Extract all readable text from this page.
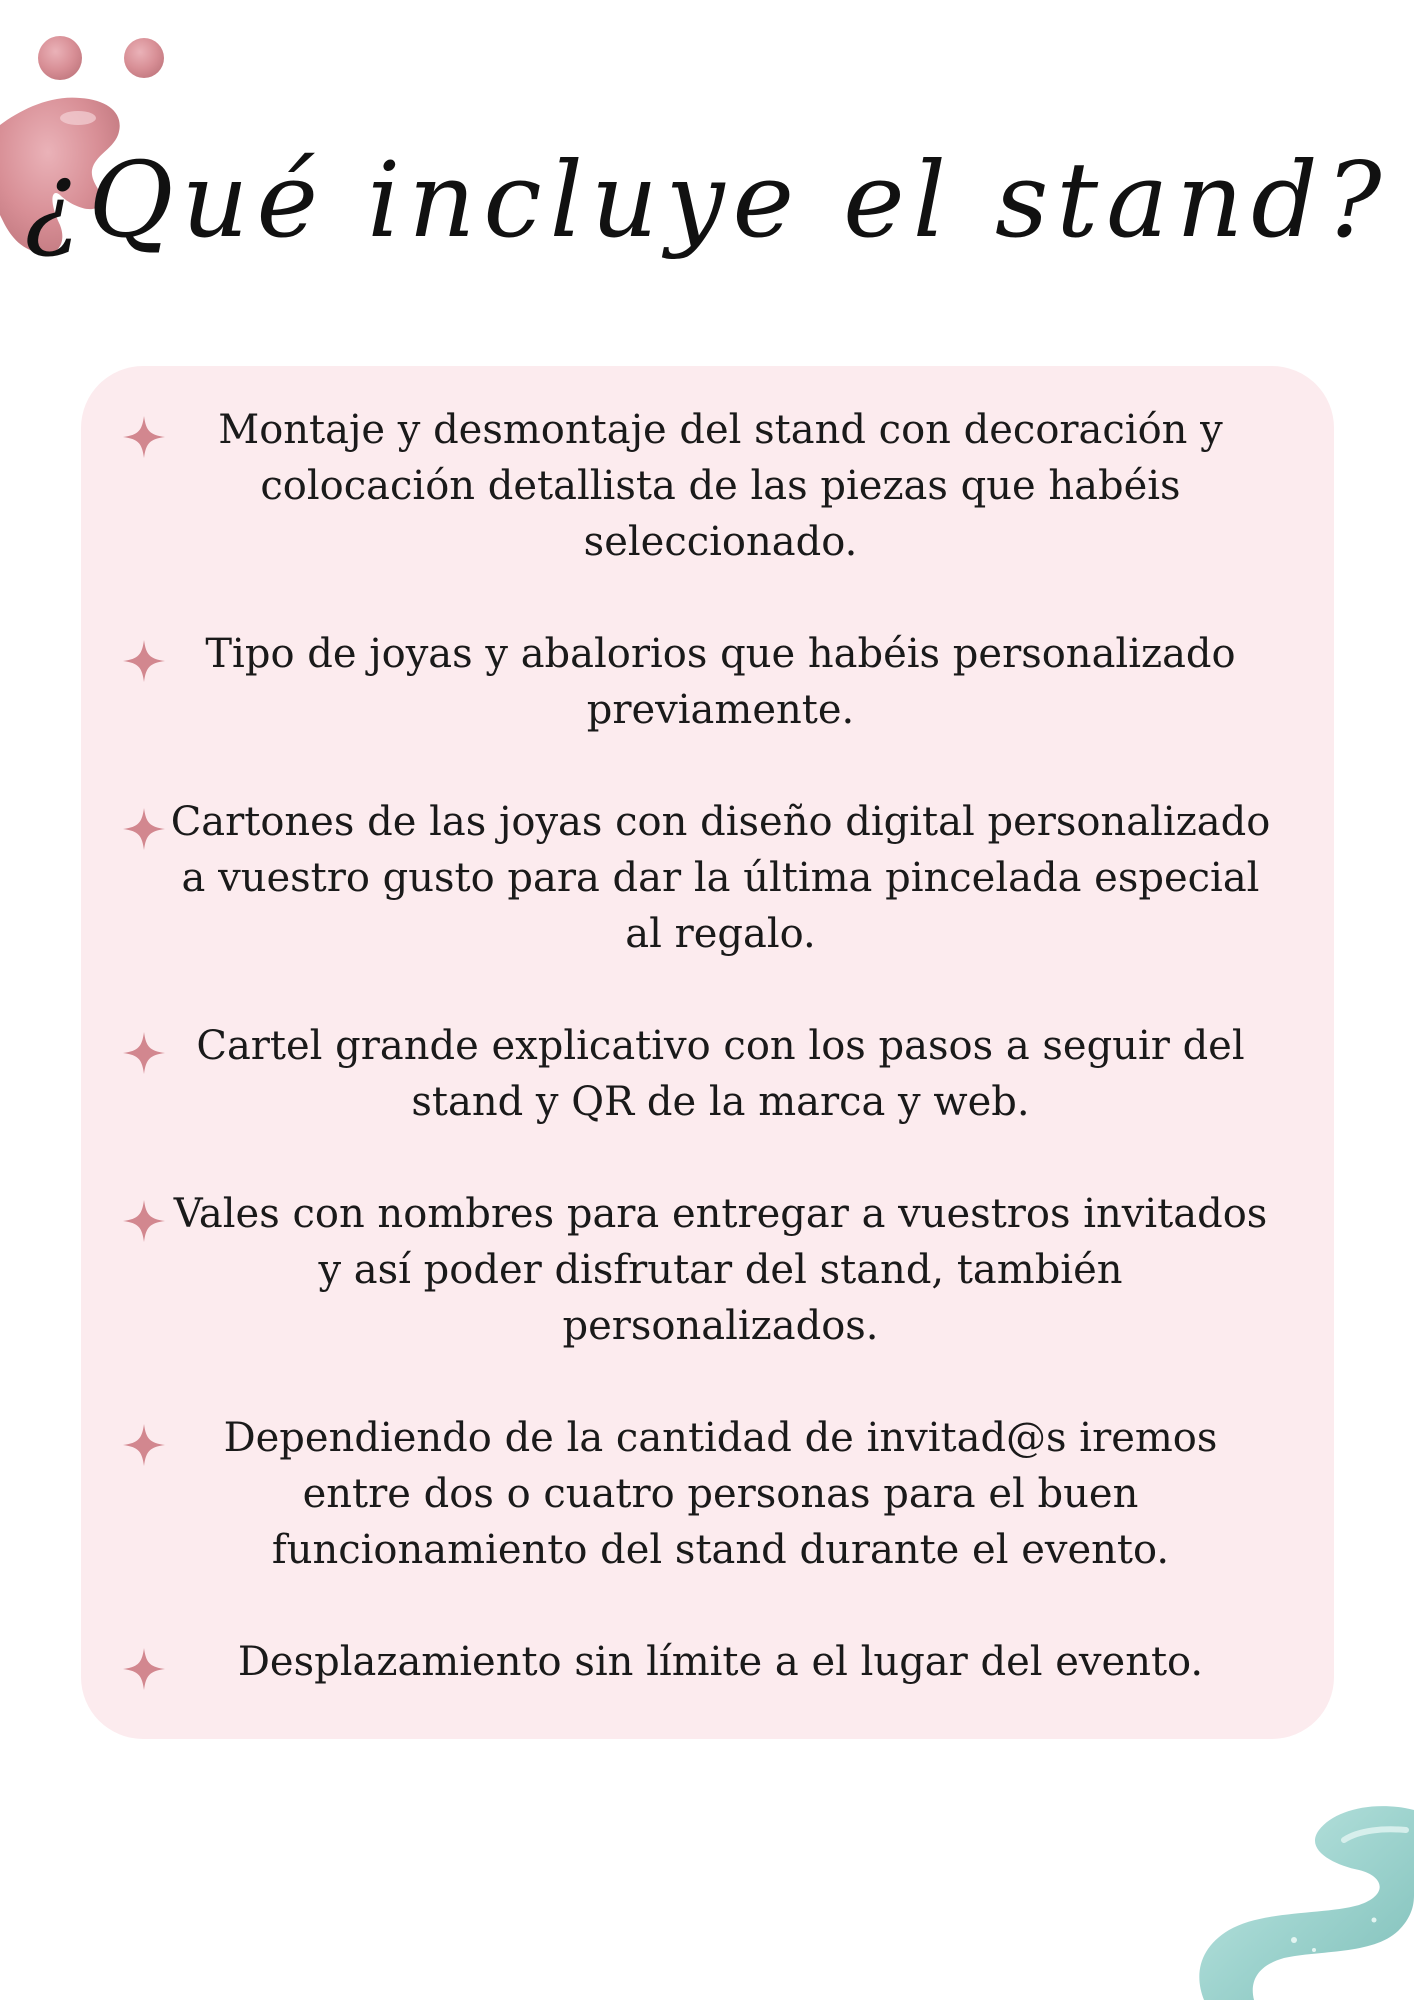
¿Qué incluye el stand?
Montaje y desmontaje del stand con decoración y
colocación detallista de las piezas que habéis
seleccionado.
Tipo de joyas y abalorios que habéis personalizado
previamente.
Cartones de las joyas con diseño digital personalizado
a vuestro gusto para dar la última pincelada especial
al regalo.
Cartel grande explicativo con los pasos a seguir del
stand y QR de la marca y web.
Vales con nombres para entregar a vuestros invitados
y así poder disfrutar del stand, también
personalizados.
Dependiendo de la cantidad de invitad@s iremos
entre dos o cuatro personas para el buen
funcionamiento del stand durante el evento.
Desplazamiento sin límite a el lugar del evento.
